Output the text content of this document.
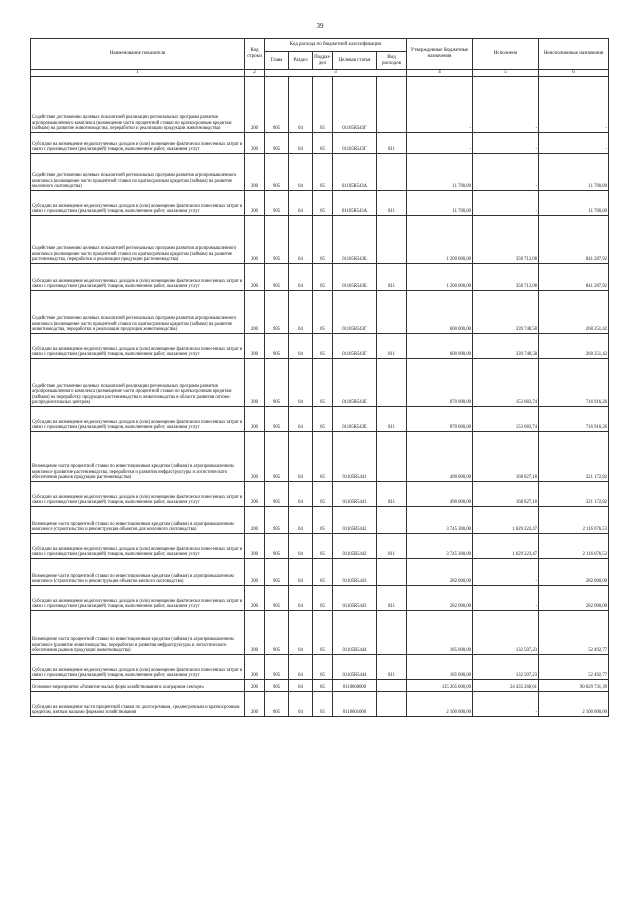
39
Наименование показателя	Код строки	Код расхода по бюджетной классификации					Утвержденные бюджетные назначения	Исполнено	Неисполненные назначения
		Глава	Раздел	Подраз-дел	Целевая статья	Вид расходов			
1	2	3					4	5	6
Содействие достижению целевых показателей реализации региональных программ развития агропромышленного комплекса (возмещение части процентной ставки по краткосрочным кредитам (займам) на развитие животноводства, переработки и реализации продукции животноводства)	200	905	04	05	01105R543Г		-	-	-
Субсидии на возмещение недополученных доходов и (или) возмещение фактически понесенных затрат в связи с производством (реализацией) товаров, выполнением работ, оказанием услуг	200	905	04	05	01105R543Г	811	-	-	-
Содействие достижению целевых показателей региональных программ развития агропромышленного комплекса (возмещение части процентной ставки по краткосрочным кредитам (займам) на развитие молочного скотоводства)	200	905	04	05	01105R543А		11 700,00	-	11 700,00
Субсидии на возмещение недополученных доходов и (или) возмещение фактически понесенных затрат в связи с производством (реализацией) товаров, выполнением работ, оказанием услуг	200	905	04	05	01105R543А	811	11 700,00	-	11 700,00
Содействие достижению целевых показателей региональных программ развития агропромышленного комплекса (возмещение части процентной ставки по краткосрочным кредитам (займам) на развитие растениеводства, переработки и реализации продукции растениеводства)	200	905	04	05	01105R543Б		1 200 000,00	358 712,08	841 287,92
Субсидии на возмещение недополученных доходов и (или) возмещение фактически понесенных затрат в связи с производством (реализацией) товаров, выполнением работ, оказанием услуг	200	905	04	05	01105R543Б	811	1 200 000,00	358 712,08	841 287,92
Содействие достижению целевых показателей региональных программ развития агропромышленного комплекса (возмещение части процентной ставки по краткосрочным кредитам (займам) на развитие животноводства, переработки и реализации продукции животноводства)	200	905	04	05	01105R543Г		600 000,00	339 748,58	260 251,42
Субсидии на возмещение недополученных доходов и (или) возмещение фактически понесенных затрат в связи с производством (реализацией) товаров, выполнением работ, оказанием услуг	200	905	04	05	01105R543Г	811	600 000,00	339 748,58	260 251,42
Содействие достижению целевых показателей реализации региональных программ развития агропромышленного комплекса (возмещение части процентной ставки по краткосрочным кредитам (займам) на переработку продукции растениеводства и животноводства в области развития оптово-распределительных центров)	200	905	04	05	01105R543Е		870 000,00	153 083,74	716 916,26
Субсидии на возмещение недополученных доходов и (или) возмещение фактически понесенных затрат в связи с производством (реализацией) товаров, выполнением работ, оказанием услуг	200	905	04	05	01105R543Е	811	870 000,00	153 083,74	716 916,26
Возмещение части процентной ставки по инвестиционным кредитам (займам) в агропромышленном комплексе (развитие растениеводства, переработки и развития инфраструктуры и логистического обеспечения рынков продукции растениеводства)	200	905	04	05	01105R5441		490 000,00	168 827,18	321 172,82
Субсидии на возмещение недополученных доходов и (или) возмещение фактически понесенных затрат в связи с производством (реализацией) товаров, выполнением работ, оказанием услуг	200	905	04	05	01105R5441	811	490 000,00	168 827,18	321 172,82
Возмещение части процентной ставки по инвестиционным кредитам (займам) в агропромышленном комплексе (строительство и реконструкция объектов для молочного скотоводства)	200	905	04	05	01105R5442		3 745 300,00	1 629 223,47	2 116 076,53
Субсидии на возмещение недополученных доходов и (или) возмещение фактически понесенных затрат в связи с производством (реализацией) товаров, выполнением работ, оказанием услуг	200	905	04	05	01105R5442	811	3 745 300,00	1 629 223,47	2 116 076,53
Возмещение части процентной ставки по инвестиционным кредитам (займам) в агропромышленном комплексе (строительство и реконструкция объектов мясного скотоводства)	200	905	04	05	01105R5443		282 000,00	-	282 000,00
Субсидии на возмещение недополученных доходов и (или) возмещение фактически понесенных затрат в связи с производством (реализацией) товаров, выполнением работ, оказанием услуг	200	905	04	05	01105R5443	811	282 000,00	-	282 000,00
Возмещение части процентной ставки по инвестиционным кредитам (займам) в агропромышленном комплексе (развитие животноводства, переработки и развития инфраструктуры и логистического обеспечения рынков продукции животноводства)	200	905	04	05	01105R5444		185 000,00	132 507,23	52 492,77
Субсидии на возмещение недополученных доходов и (или) возмещение фактически понесенных затрат в связи с производством (реализацией) товаров, выполнением работ, оказанием услуг	200	905	04	05	01105R5444	811	185 000,00	132 507,23	52 492,77
Основное мероприятие «Развитие малых форм хозяйствования в асаграрном секторе»	200	905	04	05	0110600000		115 265 000,00	24 435 268,61	90 829 731,39
Субсидии на возмещение части процентной ставки по долгосрочным, среднесрочным и краткосрочным кредитам, взятым малыми формами хозяйствования	200	905	04	05	0110601000		2 100 000,00	-	2 100 000,00
